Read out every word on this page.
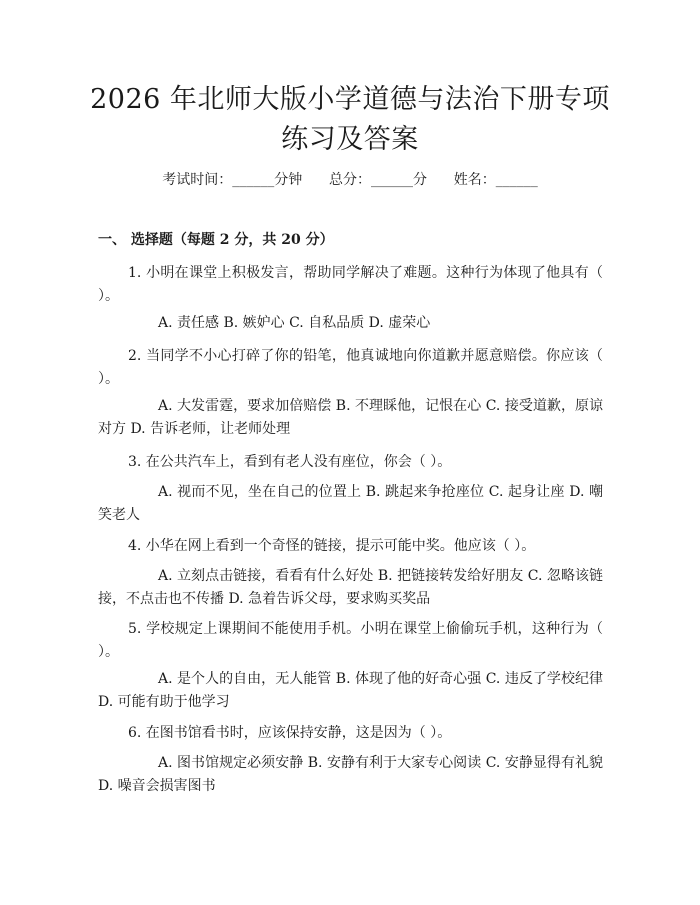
2026 年北师大版小学道德与法治下册专项练习及答案
考试时间：______分钟 总分：______分 姓名：______
一、 选择题（每题 2 分，共 20 分）
1. 小明在课堂上积极发言，帮助同学解决了难题。这种行为体现了他具有（ ）。
A. 责任感 B. 嫉妒心 C. 自私品质 D. 虚荣心
2. 当同学不小心打碎了你的铅笔，他真诚地向你道歉并愿意赔偿。你应该（ ）。
A. 大发雷霆，要求加倍赔偿 B. 不理睬他，记恨在心 C. 接受道歉，原谅对方 D. 告诉老师，让老师处理
3. 在公共汽车上，看到有老人没有座位，你会（ ）。
A. 视而不见，坐在自己的位置上 B. 跳起来争抢座位 C. 起身让座 D. 嘲笑老人
4. 小华在网上看到一个奇怪的链接，提示可能中奖。他应该（ ）。
A. 立刻点击链接，看看有什么好处 B. 把链接转发给好朋友 C. 忽略该链接，不点击也不传播 D. 急着告诉父母，要求购买奖品
5. 学校规定上课期间不能使用手机。小明在课堂上偷偷玩手机，这种行为（ ）。
A. 是个人的自由，无人能管 B. 体现了他的好奇心强 C. 违反了学校纪律 D. 可能有助于他学习
6. 在图书馆看书时，应该保持安静，这是因为（ ）。
A. 图书馆规定必须安静 B. 安静有利于大家专心阅读 C. 安静显得有礼貌 D. 噪音会损害图书
